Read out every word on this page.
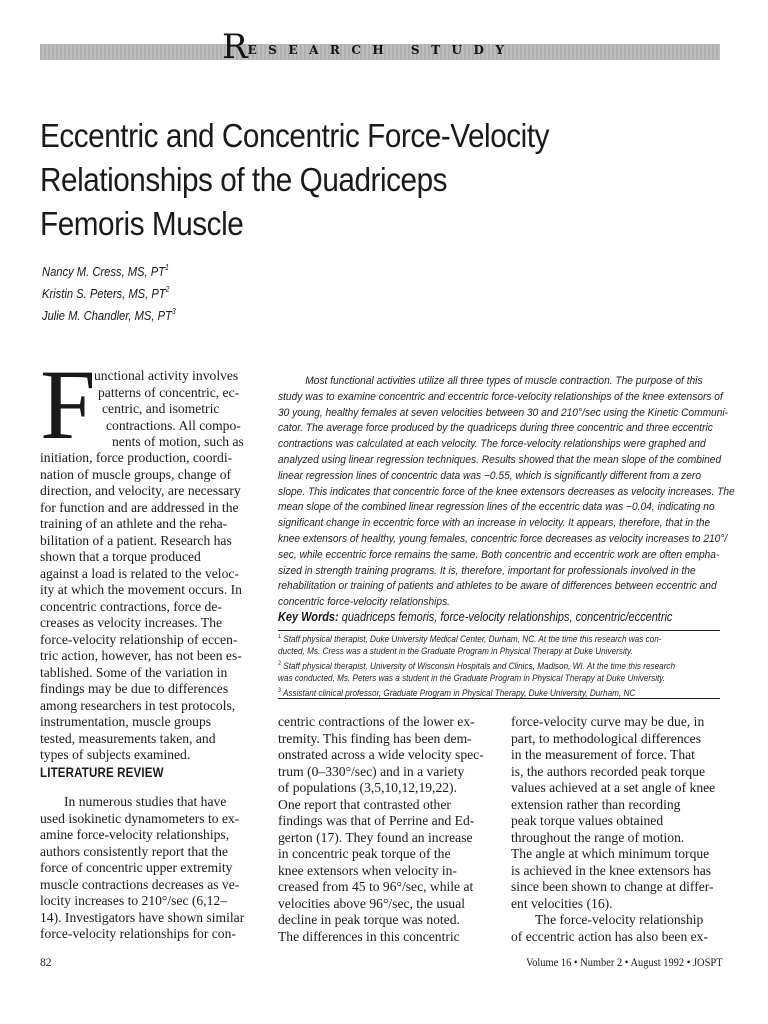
$R^{ESEARCH STUDY}$
Eccentric and Concentric Force-Velocity
Relationships of the Quadriceps
Femoris Muscle
Nancy M. Cress, MS, $PT^1$
Kristin S. Peters, MS, $PT^2$
Julie M. Chandler, MS, $PT^3$
F
unctional activity involves
patterns of concentric, ec-
centric, and isometric
contractions. All compo-
nents of motion, such as
initiation, force production, coordi-
nation of muscle groups, change of
direction, and velocity, are necessary
for function and are addressed in the
training of an athlete and the reha-
bilitation of a patient. Research has
shown that a torque produced
against a load is related to the veloc-
ity at which the movement occurs. In
concentric contractions, force de-
creases as velocity increases. The
force-velocity relationship of eccen-
tric action, however, has not been es-
tablished. Some of the variation in
findings may be due to differences
among researchers in test protocols,
instrumentation, muscle groups
tested, measurements taken, and
types of subjects examined.
LITERATURE REVIEW
In numerous studies that have
used isokinetic dynamometers to ex-
amine force-velocity relationships,
authors consistently report that the
force of concentric upper extremity
muscle contractions decreases as ve-
locity increases to 210°/sec (6,12–
14). Investigators have shown similar
force-velocity relationships for con-
Most functional activities utilize all three types of muscle contraction. The purpose of this
study was to examine concentric and eccentric force-velocity relationships of the knee extensors of
30 young, healthy females at seven velocities between 30 and 210°/sec using the Kinetic Communi-
cator. The average force produced by the quadriceps during three concentric and three eccentric
contractions was calculated at each velocity. The force-velocity relationships were graphed and
analyzed using linear regression techniques. Results showed that the mean slope of the combined
linear regression lines of concentric data was −0.55, which is significantly different from a zero
slope. This indicates that concentric force of the knee extensors decreases as velocity increases. The
mean slope of the combined linear regression lines of the eccentric data was −0.04, indicating no
significant change in eccentric force with an increase in velocity. It appears, therefore, that in the
knee extensors of healthy, young females, concentric force decreases as velocity increases to 210°/
sec, while eccentric force remains the same. Both concentric and eccentric work are often empha-
sized in strength training programs. It is, therefore, important for professionals involved in the
rehabilitation or training of patients and athletes to be aware of differences between eccentric and
concentric force-velocity relationships.
Key Words: quadriceps femoris, force-velocity relationships, concentric/eccentric
$^1$ Staff physical therapist, Duke University Medical Center, Durham, NC. At the time this research was con-
ducted, Ms. Cress was a student in the Graduate Program in Physical Therapy at Duke University.
$^2$ Staff physical therapist, University of Wisconsin Hospitals and Clinics, Madison, WI. At the time this research
was conducted, Ms. Peters was a student in the Graduate Program in Physical Therapy at Duke University.
$^3$ Assistant clinical professor, Graduate Program in Physical Therapy, Duke University, Durham, NC
centric contractions of the lower ex-
tremity. This finding has been dem-
onstrated across a wide velocity spec-
trum (0–330°/sec) and in a variety
of populations (3,5,10,12,19,22).
One report that contrasted other
findings was that of Perrine and Ed-
gerton (17). They found an increase
in concentric peak torque of the
knee extensors when velocity in-
creased from 45 to 96°/sec, while at
velocities above 96°/sec, the usual
decline in peak torque was noted.
The differences in this concentric
force-velocity curve may be due, in
part, to methodological differences
in the measurement of force. That
is, the authors recorded peak torque
values achieved at a set angle of knee
extension rather than recording
peak torque values obtained
throughout the range of motion.
The angle at which minimum torque
is achieved in the knee extensors has
since been shown to change at differ-
ent velocities (16).
The force-velocity relationship
of eccentric action has also been ex-
82	Volume 16 • Number 2 • August 1992 • JOSPT
